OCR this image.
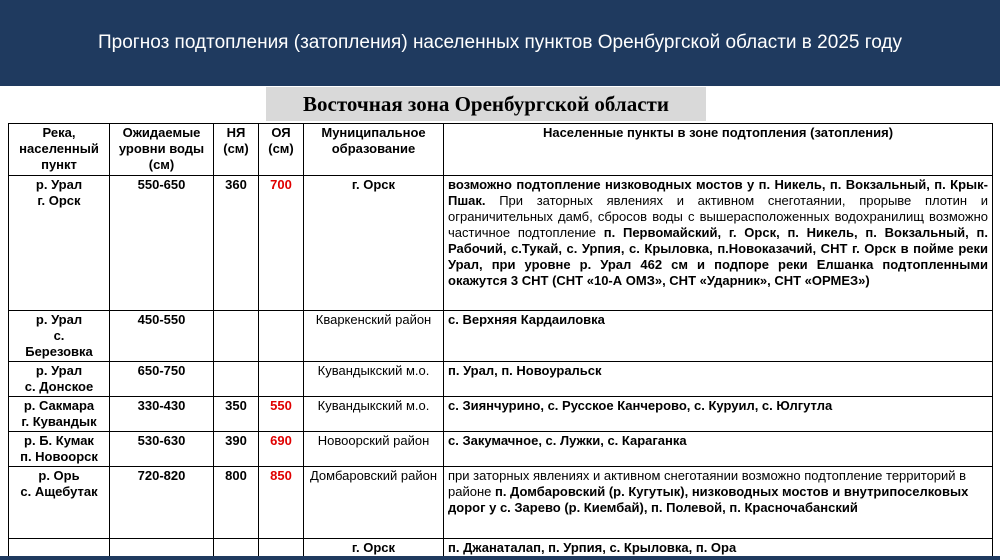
Прогноз подтопления (затопления) населенных пунктов Оренбургской области в 2025 году
Восточная зона Оренбургской области
Река, населенный пункт	Ожидаемые уровни воды (см)	НЯ (см)	ОЯ (см)	Муниципальное образование	Населенные пункты в зоне подтопления (затопления)
р. Урал
г. Орск	550-650	360	700	г. Орск	возможно подтопление низководных мостов у п. Никель, п. Вокзальный, п. Крык-Пшак. При заторных явлениях и активном снеготаянии, прорыве плотин и ограничительных дамб, сбросов воды с вышерасположенных водохранилищ возможно частичное подтопление п. Первомайский, г. Орск, п. Никель, п. Вокзальный, п. Рабочий, с.Тукай, с. Урпия, с. Крыловка, п.Новоказачий, СНТ г. Орск в пойме реки Урал, при уровне р. Урал 462 см и подпоре реки Елшанка подтопленными окажутся 3 СНТ (СНТ «10-А ОМЗ», СНТ «Ударник», СНТ «ОРМЕЗ»)
р. Урал
с.
Березовка	450-550			Кваркенский район	с. Верхняя Кардаиловка
р. Урал
с. Донское	650-750			Кувандыкский м.о.	п. Урал, п. Новоуральск
р. Сакмара
г. Кувандык	330-430	350	550	Кувандыкский м.о.	с. Зиянчурино, с. Русское Канчерово, с. Куруил, с. Юлгутла
р. Б. Кумак
п. Новоорск	530-630	390	690	Новоорский район	с. Закумачное, с. Лужки, с. Караганка
р. Орь
с. Ащебутак	720-820	800	850	Домбаровский район	при заторных явлениях и активном снеготаянии возможно подтопление территорий в районе п. Домбаровский (р. Кугутык), низководных мостов и внутрипоселковых дорог у с. Зарево (р. Киембай), п. Полевой, п. Красночабанский
				г. Орск	п. Джанаталап, п. Урпия, с. Крыловка, п. Ора
